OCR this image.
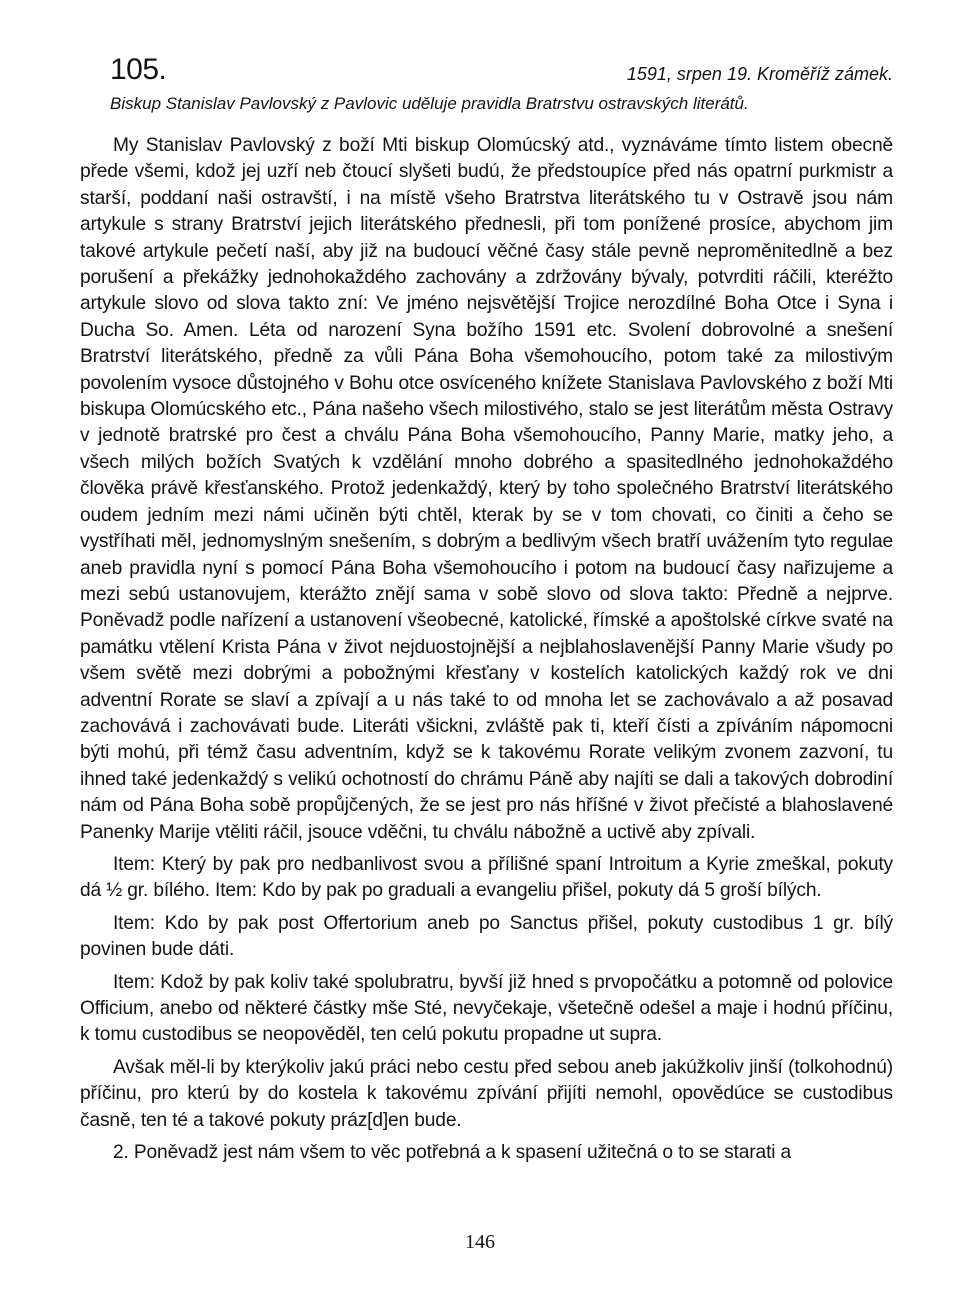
105.	1591, srpen 19. Kroměříž zámek.
Biskup Stanislav Pavlovský z Pavlovic uděluje pravidla Bratrstvu ostravských literátů.

My Stanislav Pavlovský z boží Mti biskup Olomúcský atd., vyznáváme tímto listem obecně přede všemi, kdož jej uzří neb čtoucí slyšeti budú, že předstoupíce před nás opatrní purkmistr a starší, poddaní naši ostravští, i na místě všeho Bratrstva literátského tu v Ostravě jsou nám artykule s strany Bratrství jejich literátského přednesli, při tom ponížené prosíce, abychom jim takové artykule pečetí naší, aby již na budoucí věčné časy stále pevně neproměnitedlně a bez porušení a překážky jednohokaždého zachovány a zdržovány bývaly, potvrditi ráčili, kteréžto artykule slovo od slova takto zní: Ve jméno nejsvětější Trojice nerozdílné Boha Otce i Syna i Ducha So. Amen. Léta od narození Syna božího 1591 etc. Svolení dobrovolné a snešení Bratrství literátského, předně za vůli Pána Boha všemohoucího, potom také za milostivým povolením vysoce důstojného v Bohu otce osvíceného knížete Stanislava Pavlovského z boží Mti biskupa Olomúcského etc., Pána našeho všech milostivého, stalo se jest literátům města Ostravy v jednotě bratrské pro čest a chválu Pána Boha všemohoucího, Panny Marie, matky jeho, a všech milých božích Svatých k vzdělání mnoho dobrého a spasitedlného jednohokaždého člověka právě křesťanského. Protož jedenkaždý, který by toho společného Bratrství literátského oudem jedním mezi námi učiněn býti chtěl, kterak by se v tom chovati, co činiti a čeho se vystříhati měl, jednomyslným snešením, s dobrým a bedlivým všech bratří uvážením tyto regulae aneb pravidla nyní s pomocí Pána Boha všemohoucího i potom na budoucí časy nařizujeme a mezi sebú ustanovujem, kterážto znějí sama v sobě slovo od slova takto: Předně a nejprve. Poněvadž podle nařízení a ustanovení všeobecné, katolické, římské a apoštolské církve svaté na památku vtělení Krista Pána v život nejduostojnější a nejblahoslavenější Panny Marie všudy po všem světě mezi dobrými a pobožnými křesťany v kostelích katolických každý rok ve dni adventní Rorate se slaví a zpívají a u nás také to od mnoha let se zachovávalo a až posavad zachovává i zachovávati bude. Literáti všickni, zvláště pak ti, kteří čísti a zpíváním nápomocni býti mohú, při témž času adventním, když se k takovému Rorate velikým zvonem zazvoní, tu ihned také jedenkaždý s velikú ochotností do chrámu Páně aby najíti se dali a takových dobrodiní nám od Pána Boha sobě propůjčených, že se jest pro nás hříšné v život přečisté a blahoslavené Panenky Marije vtěliti ráčil, jsouce vděčni, tu chválu nábožně a uctivě aby zpívali.

Item: Který by pak pro nedbanlivost svou a přílišné spaní Introitum a Kyrie zmeškal, pokuty dá ½ gr. bílého. Item: Kdo by pak po graduali a evangeliu přišel, pokuty dá 5 groší bílých.

Item: Kdo by pak post Offertorium aneb po Sanctus přišel, pokuty custodibus 1 gr. bílý povinen bude dáti.

Item: Kdož by pak koliv také spolubratru, byvší již hned s prvopočátku a potomně od polovice Officium, anebo od některé částky mše Sté, nevyčekaje, všetečně odešel a maje i hodnú příčinu, k tomu custodibus se neopověděl, ten celú pokutu propadne ut supra.

Avšak měl-li by kterýkoliv jakú práci nebo cestu před sebou aneb jakúžkoliv jinší (tolkohodnú) příčinu, pro kterú by do kostela k takovému zpívání přijíti nemohl, opovědúce se custodibus časně, ten té a takové pokuty práz[d]en bude.

2. Poněvadž jest nám všem to věc potřebná a k spasení užitečná o to se starati a

146
